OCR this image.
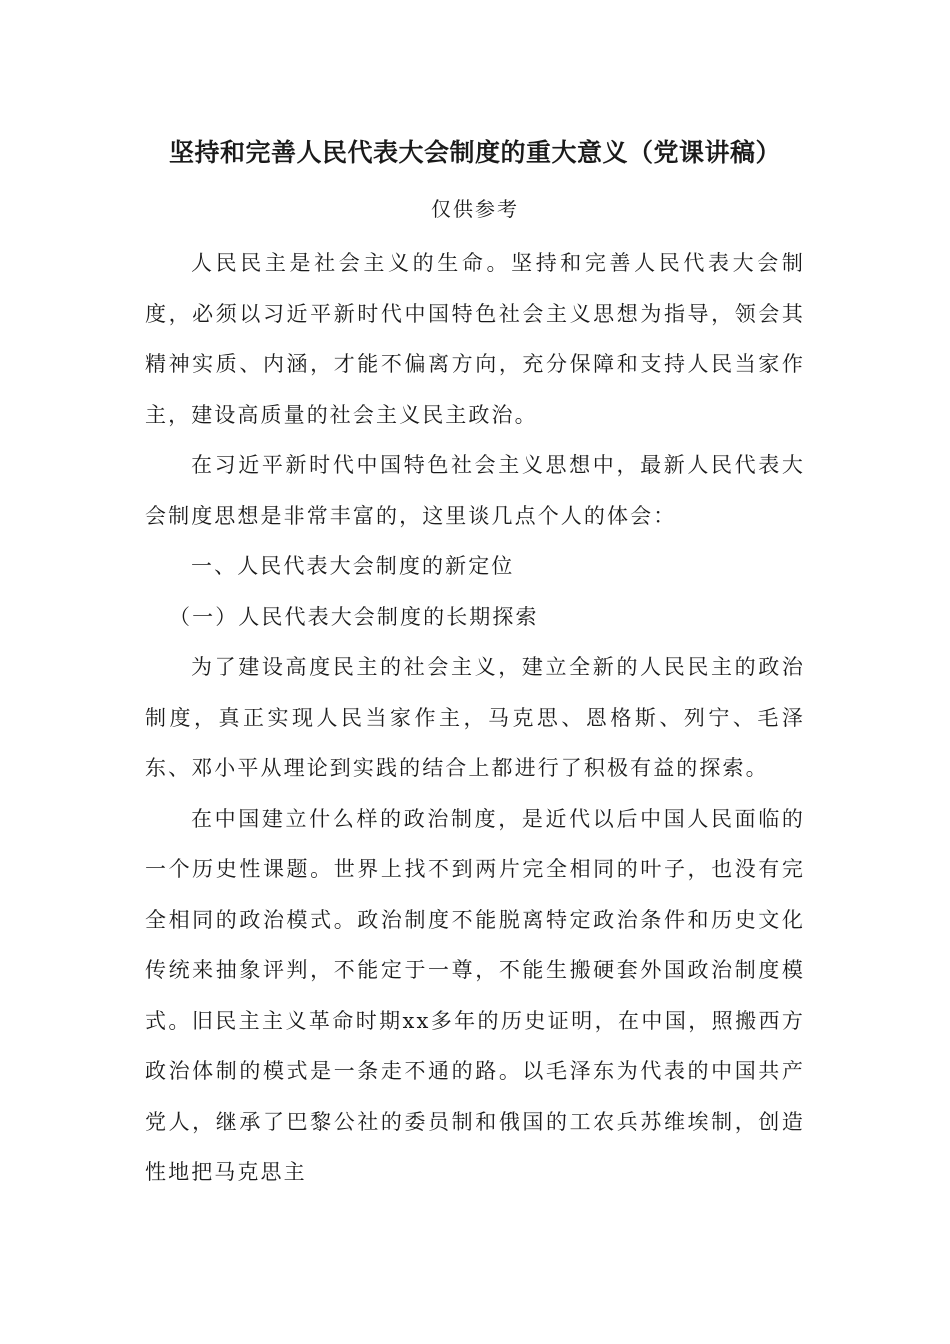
坚持和完善人民代表大会制度的重大意义（党课讲稿）
仅供参考

人民民主是社会主义的生命。坚持和完善人民代表大会制度，必须以习近平新时代中国特色社会主义思想为指导，领会其精神实质、内涵，才能不偏离方向，充分保障和支持人民当家作主，建设高质量的社会主义民主政治。

在习近平新时代中国特色社会主义思想中，最新人民代表大会制度思想是非常丰富的，这里谈几点个人的体会：

一、人民代表大会制度的新定位

（一）人民代表大会制度的长期探索

为了建设高度民主的社会主义，建立全新的人民民主的政治制度，真正实现人民当家作主，马克思、恩格斯、列宁、毛泽东、邓小平从理论到实践的结合上都进行了积极有益的探索。

在中国建立什么样的政治制度，是近代以后中国人民面临的一个历史性课题。世界上找不到两片完全相同的叶子，也没有完全相同的政治模式。政治制度不能脱离特定政治条件和历史文化传统来抽象评判，不能定于一尊，不能生搬硬套外国政治制度模式。旧民主主义革命时期xx多年的历史证明，在中国，照搬西方政治体制的模式是一条走不通的路。以毛泽东为代表的中国共产党人，继承了巴黎公社的委员制和俄国的工农兵苏维埃制，创造性地把马克思主
